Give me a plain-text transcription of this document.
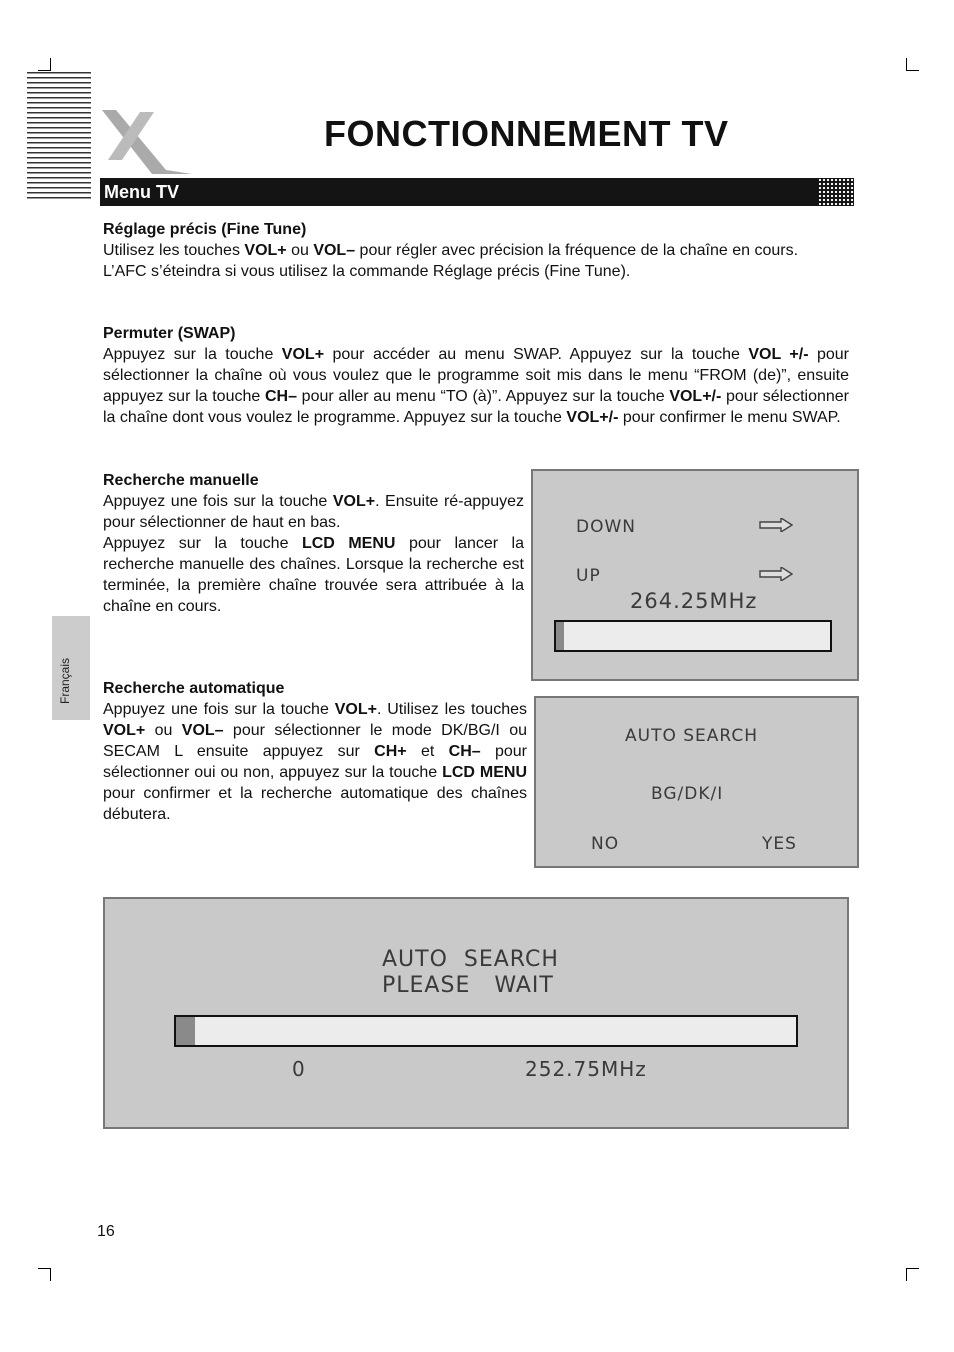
FONCTIONNEMENT TV
Menu TV
Français

Réglage précis (Fine Tune)

Utilisez les touches VOL+ ou VOL– pour régler avec précision la fréquence de la chaîne en cours.

L’AFC s’éteindra si vous utilisez la commande Réglage précis (Fine Tune).

Permuter (SWAP)

Appuyez sur la touche VOL+ pour accéder au menu SWAP. Appuyez sur la touche VOL +/- pour sélectionner la chaîne où vous voulez que le programme soit mis dans le menu “FROM (de)”, ensuite appuyez sur la touche CH– pour aller au menu “TO (à)”. Appuyez sur la touche VOL+/- pour sélectionner la chaîne dont vous voulez le programme. Appuyez sur la touche VOL+/- pour confirmer le menu SWAP.

Recherche manuelle

Appuyez une fois sur la touche VOL+. Ensuite ré-appuyez pour sélectionner de haut en bas.

Appuyez sur la touche LCD MENU pour lancer la recherche manuelle des chaînes. Lorsque la recherche est terminée, la première chaîne trouvée sera attribuée à la chaîne en cours.

DOWN
UP
264.25MHz

Recherche automatique

Appuyez une fois sur la touche VOL+. Utilisez les touches VOL+ ou VOL– pour sélectionner le mode DK/BG/I ou SECAM L ensuite appuyez sur CH+ et CH– pour sélectionner oui ou non, appuyez sur la touche LCD MENU pour confirmer et la recherche automatique des chaînes débutera.

AUTO SEARCH
BG/DK/I
NO	YES
AUTO  SEARCH
PLEASE   WAIT
0	252.75MHz
16
